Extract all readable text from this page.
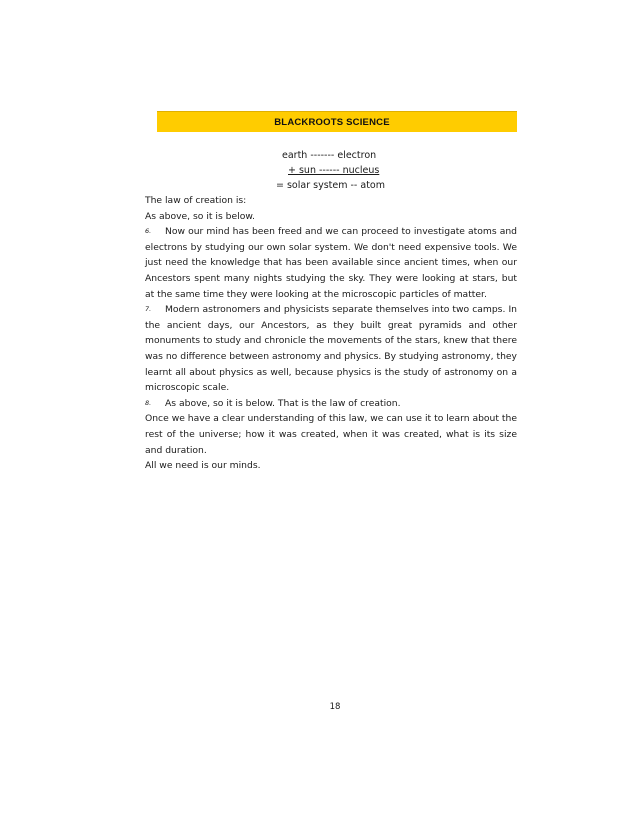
BLACKROOTS SCIENCE
earth ------- electron
+ sun ------ nucleus
= solar system -- atom

The law of creation is:

As above, so it is below.

6. Now our mind has been freed and we can proceed to investigate atoms and electrons by studying our own solar system. We don't need expensive tools. We just need the knowledge that has been available since ancient times, when our Ancestors spent many nights studying the sky. They were looking at stars, but at the same time they were looking at the microscopic particles of matter.

7. Modern astronomers and physicists separate themselves into two camps. In the ancient days, our Ancestors, as they built great pyramids and other monuments to study and chronicle the movements of the stars, knew that there was no difference between astronomy and physics. By studying astronomy, they learnt all about physics as well, because physics is the study of astronomy on a microscopic scale.

8. As above, so it is below. That is the law of creation.

Once we have a clear understanding of this law, we can use it to learn about the rest of the universe; how it was created, when it was created, what is its size and duration.

All we need is our minds.

18
